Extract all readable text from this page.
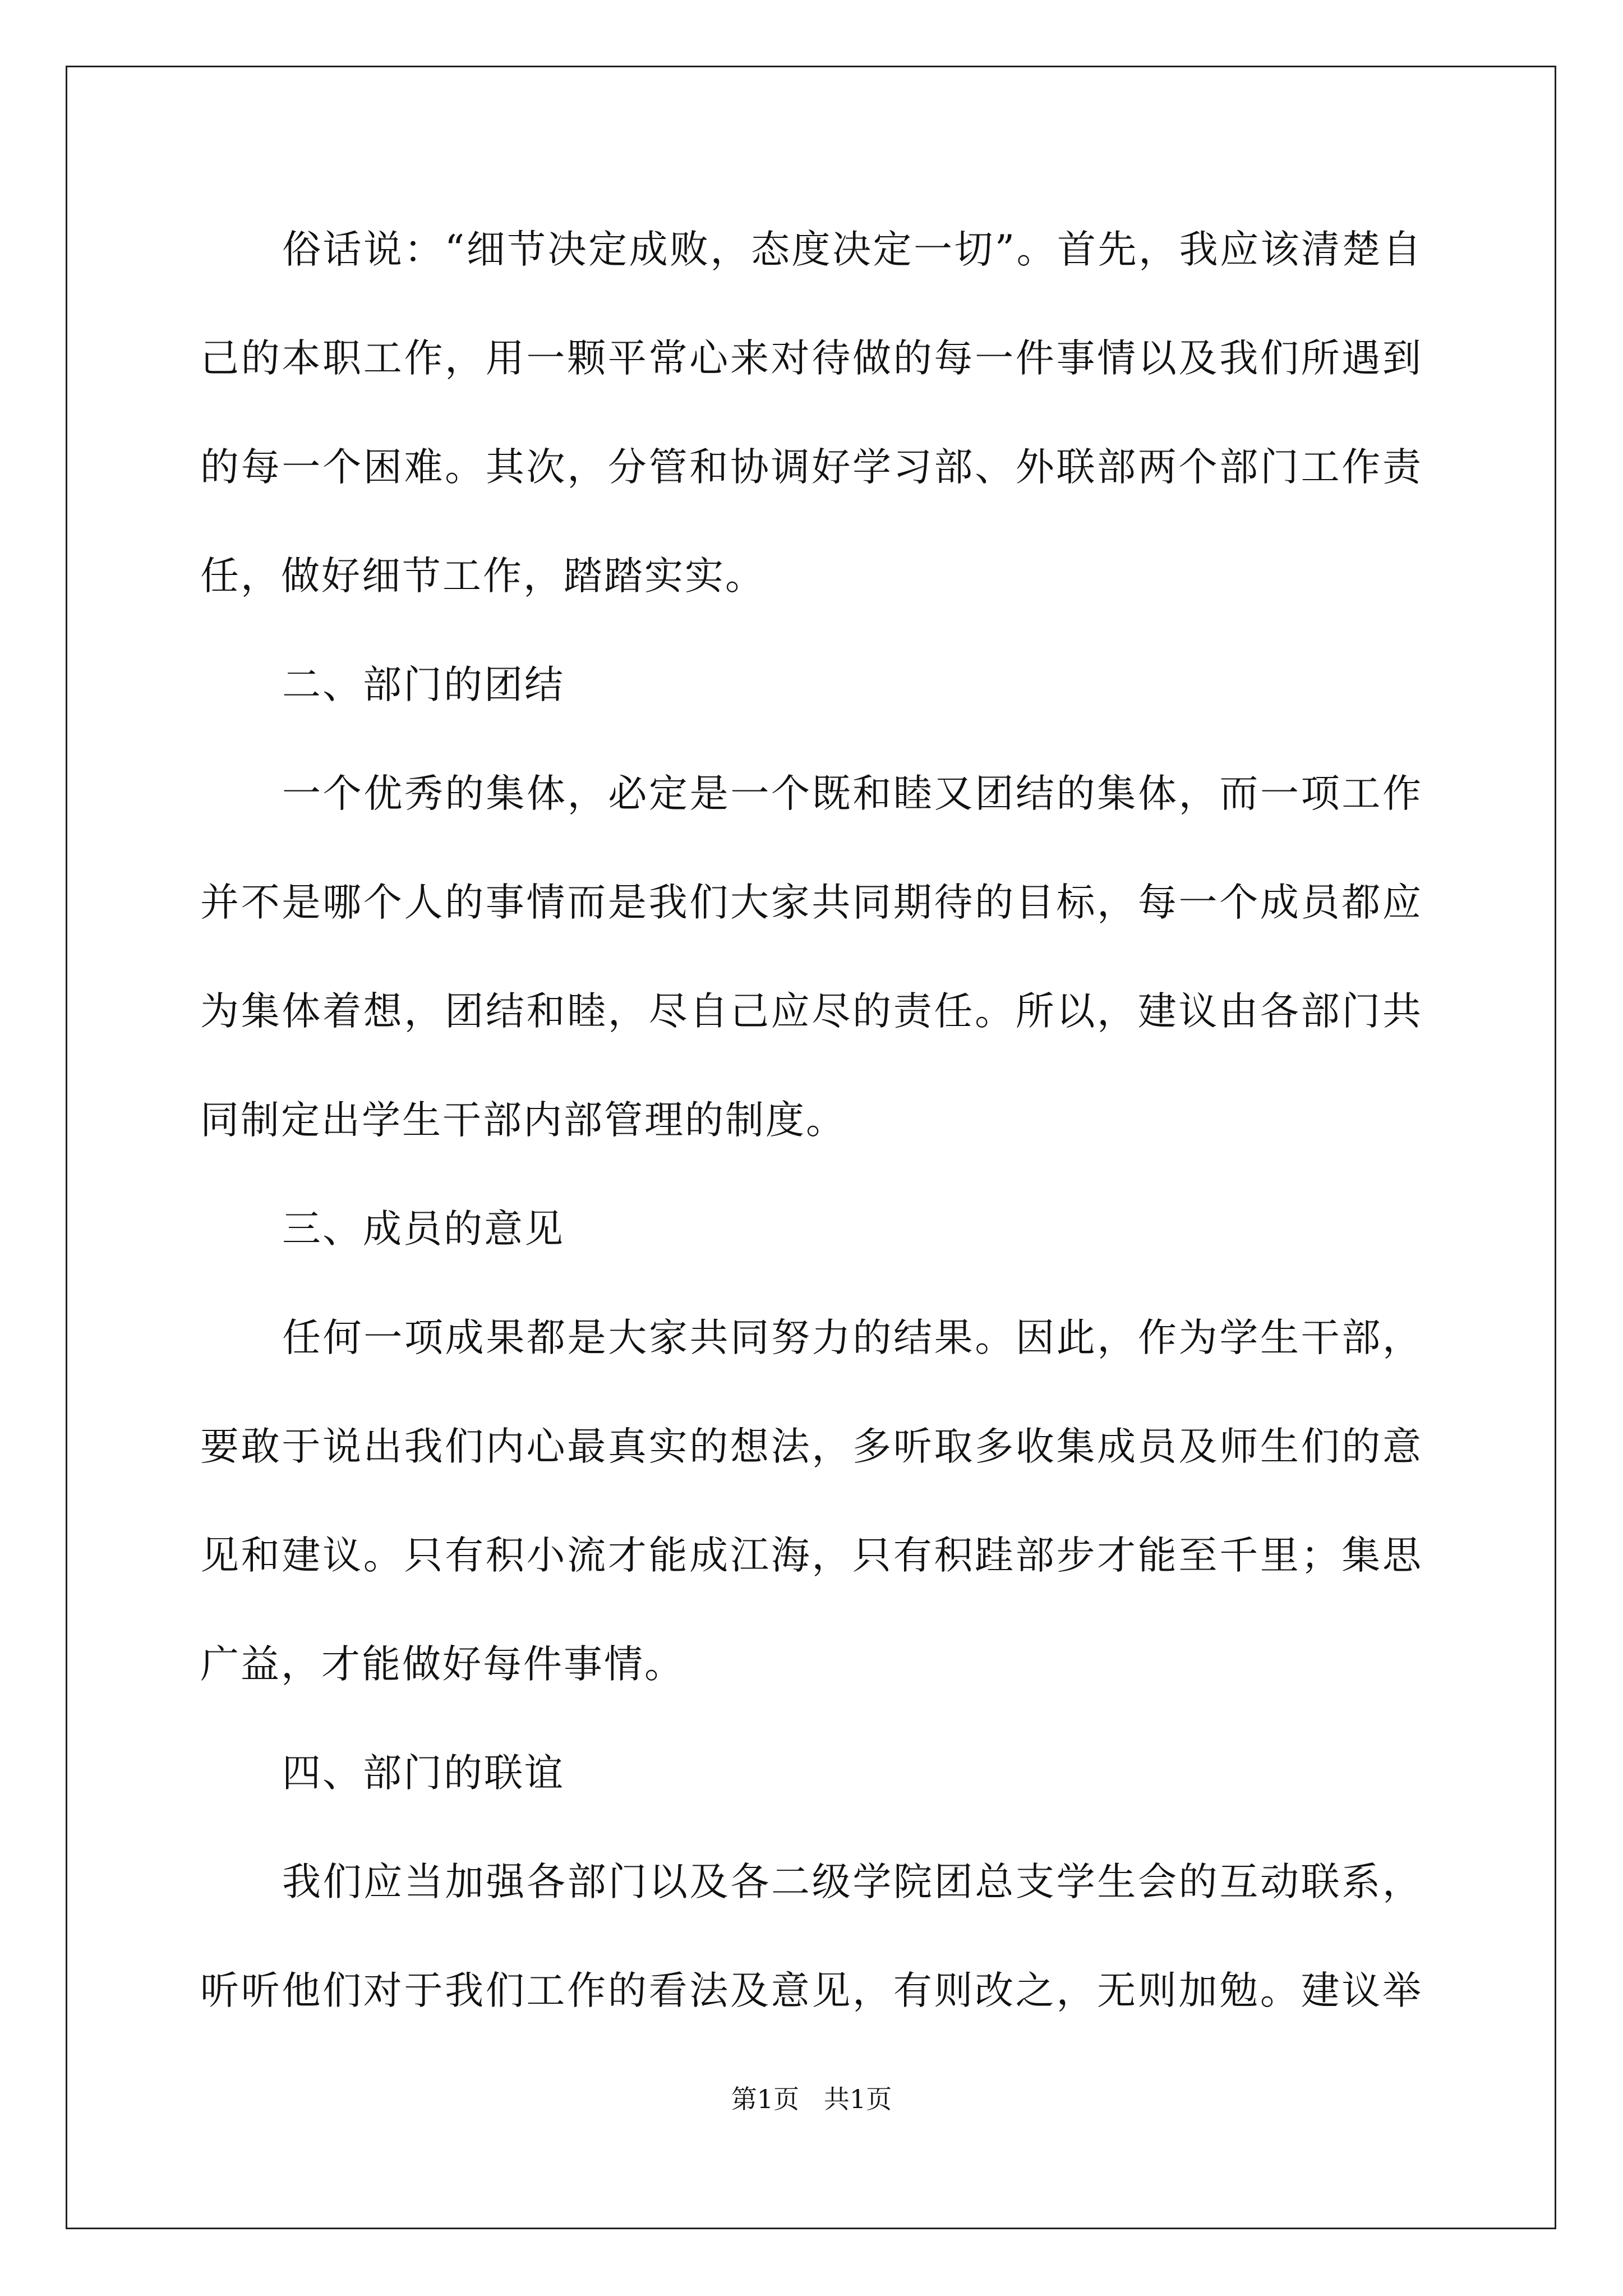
俗话说：“细节决定成败，态度决定一切”。首先，我应该清楚自
己的本职工作，用一颗平常心来对待做的每一件事情以及我们所遇到
的每一个困难。其次，分管和协调好学习部、外联部两个部门工作责
任，做好细节工作，踏踏实实。
二、部门的团结
一个优秀的集体，必定是一个既和睦又团结的集体，而一项工作
并不是哪个人的事情而是我们大家共同期待的目标，每一个成员都应
为集体着想，团结和睦，尽自己应尽的责任。所以，建议由各部门共
同制定出学生干部内部管理的制度。
三、成员的意见
任何一项成果都是大家共同努力的结果。因此，作为学生干部，
要敢于说出我们内心最真实的想法，多听取多收集成员及师生们的意
见和建议。只有积小流才能成江海，只有积跬部步才能至千里；集思
广益，才能做好每件事情。
四、部门的联谊
我们应当加强各部门以及各二级学院团总支学生会的互动联系，
听听他们对于我们工作的看法及意见，有则改之，无则加勉。建议举
第1页   共1页
